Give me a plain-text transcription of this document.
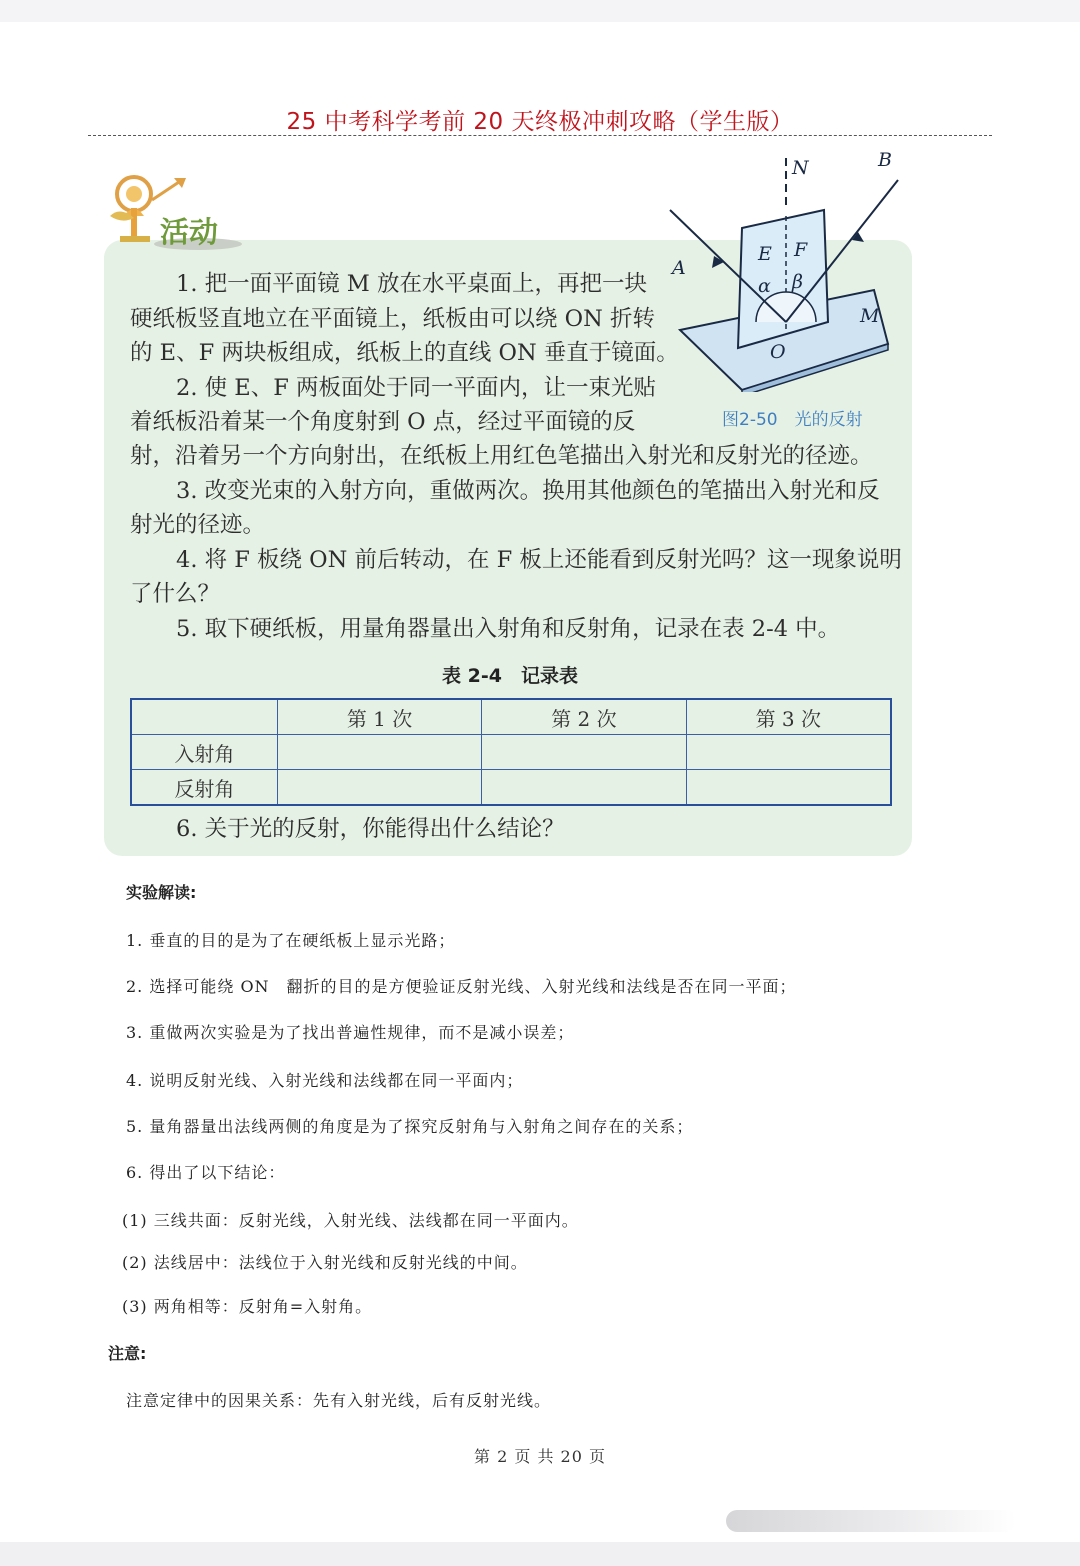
25 中考科学考前 20 天终极冲刺攻略（学生版）
活动
1. 把一面平面镜 M 放在水平桌面上，再把一块
硬纸板竖直地立在平面镜上，纸板由可以绕 ON 折转
的 E、F 两块板组成，纸板上的直线 ON 垂直于镜面。
2. 使 E、F 两板面处于同一平面内，让一束光贴
着纸板沿着某一个角度射到 O 点，经过平面镜的反
射，沿着另一个方向射出，在纸板上用红色笔描出入射光和反射光的径迹。
3. 改变光束的入射方向，重做两次。换用其他颜色的笔描出入射光和反
射光的径迹。
4. 将 F 板绕 ON 前后转动，在 F 板上还能看到反射光吗？这一现象说明
了什么？
5. 取下硬纸板，用量角器量出入射角和反射角，记录在表 2-4 中。
N	B
A
M
E F
α β
O
图2-50　光的反射
表 2-4　记录表
	第 1 次	第 2 次	第 3 次
入射角			
反射角			
6. 关于光的反射，你能得出什么结论？
实验解读:
1. 垂直的目的是为了在硬纸板上显示光路；
2. 选择可能绕 ON　翻折的目的是方便验证反射光线、入射光线和法线是否在同一平面；
3. 重做两次实验是为了找出普遍性规律，而不是减小误差；
4. 说明反射光线、入射光线和法线都在同一平面内；
5. 量角器量出法线两侧的角度是为了探究反射角与入射角之间存在的关系；
6. 得出了以下结论：
(1) 三线共面：反射光线，入射光线、法线都在同一平面内。
(2) 法线居中：法线位于入射光线和反射光线的中间。
(3) 两角相等：反射角=入射角。
注意:
注意定律中的因果关系：先有入射光线，后有反射光线。
第 2 页 共 20 页
